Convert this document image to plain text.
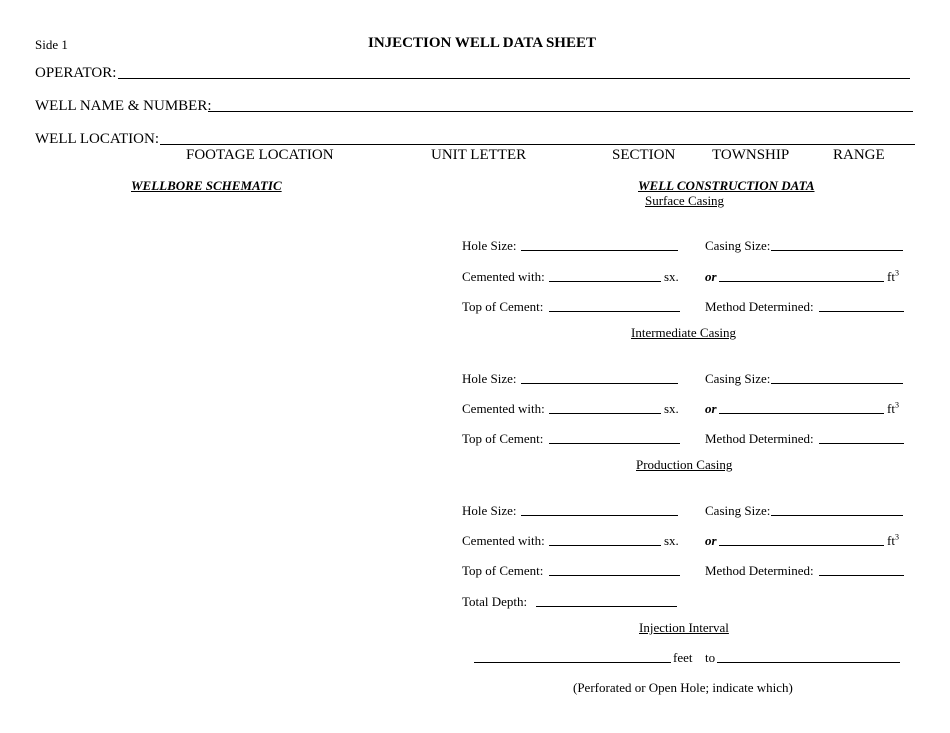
Side 1	INJECTION WELL DATA SHEET
OPERATOR:
WELL NAME & NUMBER:
WELL LOCATION:
FOOTAGE LOCATION	UNIT LETTER	SECTION TOWNSHIP	RANGE
WELLBORE SCHEMATIC	WELL CONSTRUCTION DATA
Surface Casing
Hole Size:	Casing Size:
Cemented with:	sx. or	$ft^3$
Top of Cement:	Method Determined:
Intermediate Casing
Hole Size:	Casing Size:
Cemented with:	sx. or	$ft^3$
Top of Cement:	Method Determined:
Production Casing
Hole Size:	Casing Size:
Cemented with:	sx. or	$ft^3$
Top of Cement:	Method Determined:
Total Depth:
Injection Interval
feet to
(Perforated or Open Hole; indicate which)
